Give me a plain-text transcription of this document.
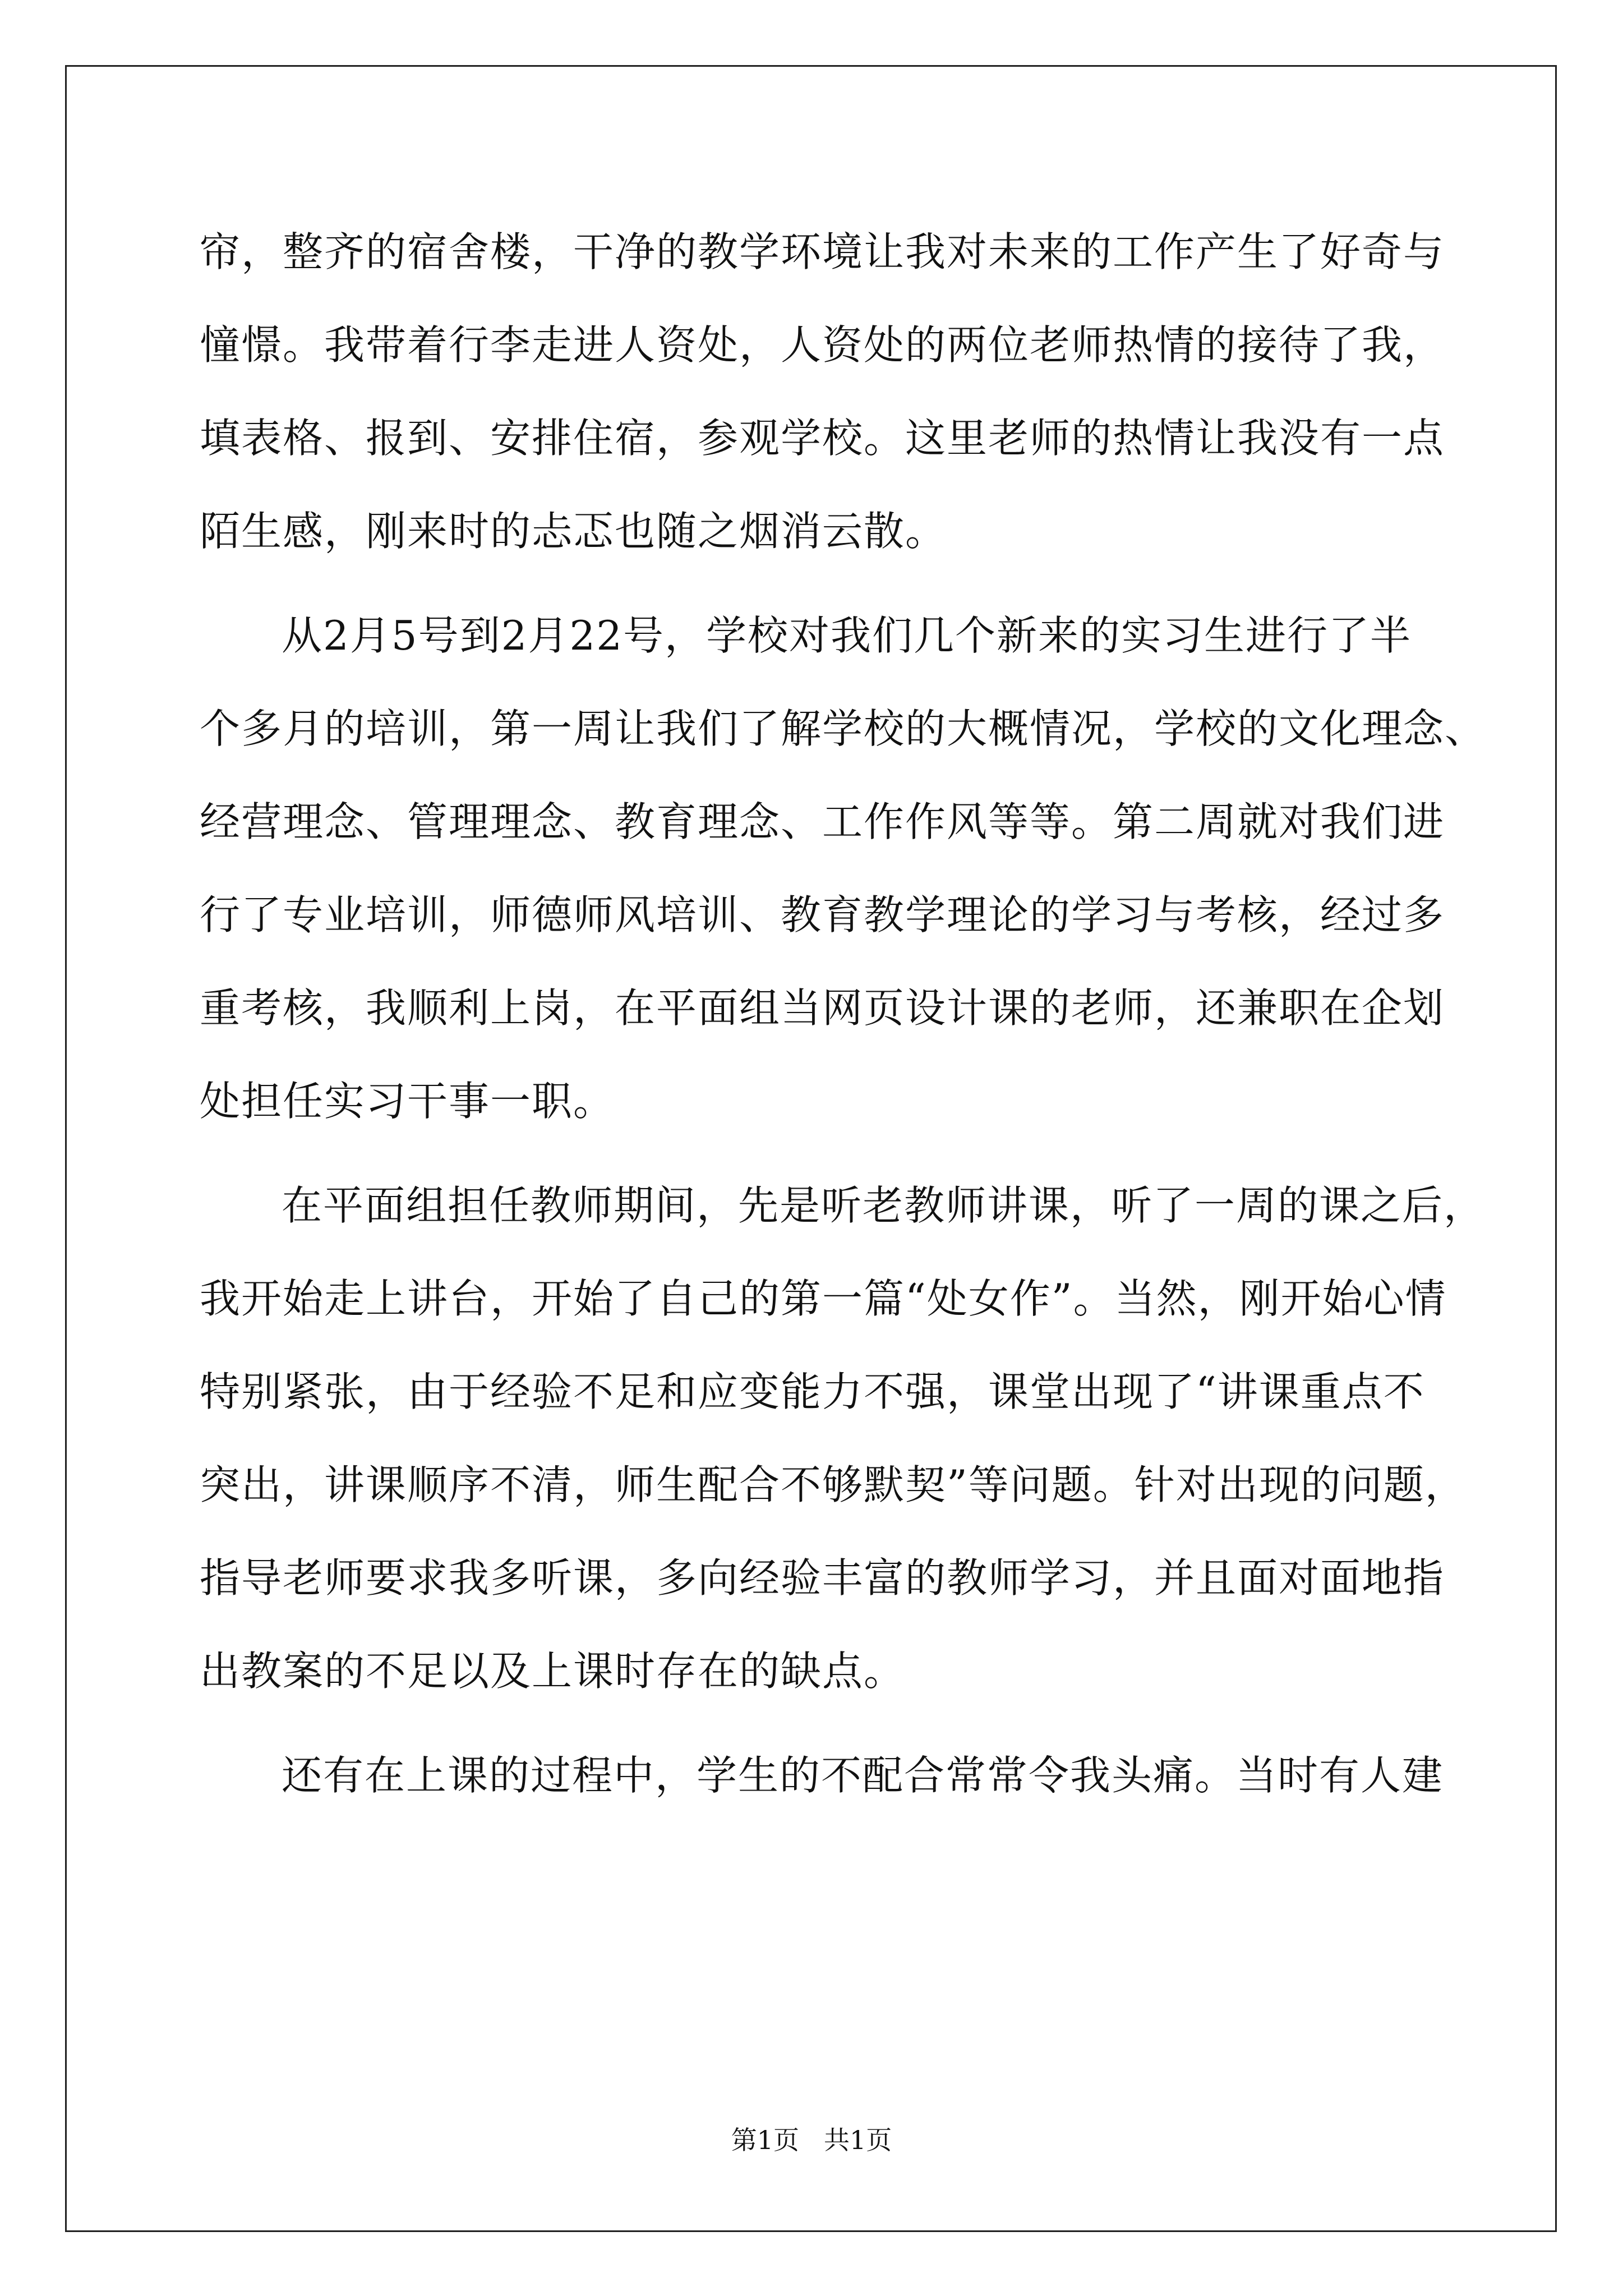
帘，整齐的宿舍楼，干净的教学环境让我对未来的工作产生了好奇与
憧憬。我带着行李走进人资处，人资处的两位老师热情的接待了我，
填表格、报到、安排住宿，参观学校。这里老师的热情让我没有一点
陌生感，刚来时的忐忑也随之烟消云散。
从2月5号到2月22号，学校对我们几个新来的实习生进行了半
个多月的培训，第一周让我们了解学校的大概情况，学校的文化理念、
经营理念、管理理念、教育理念、工作作风等等。第二周就对我们进
行了专业培训，师德师风培训、教育教学理论的学习与考核，经过多
重考核，我顺利上岗，在平面组当网页设计课的老师，还兼职在企划
处担任实习干事一职。
在平面组担任教师期间，先是听老教师讲课，听了一周的课之后，
我开始走上讲台，开始了自己的第一篇“处女作”。当然，刚开始心情
特别紧张，由于经验不足和应变能力不强，课堂出现了“讲课重点不
突出，讲课顺序不清，师生配合不够默契”等问题。针对出现的问题，
指导老师要求我多听课，多向经验丰富的教师学习，并且面对面地指
出教案的不足以及上课时存在的缺点。
还有在上课的过程中，学生的不配合常常令我头痛。当时有人建
第1页 共1页
